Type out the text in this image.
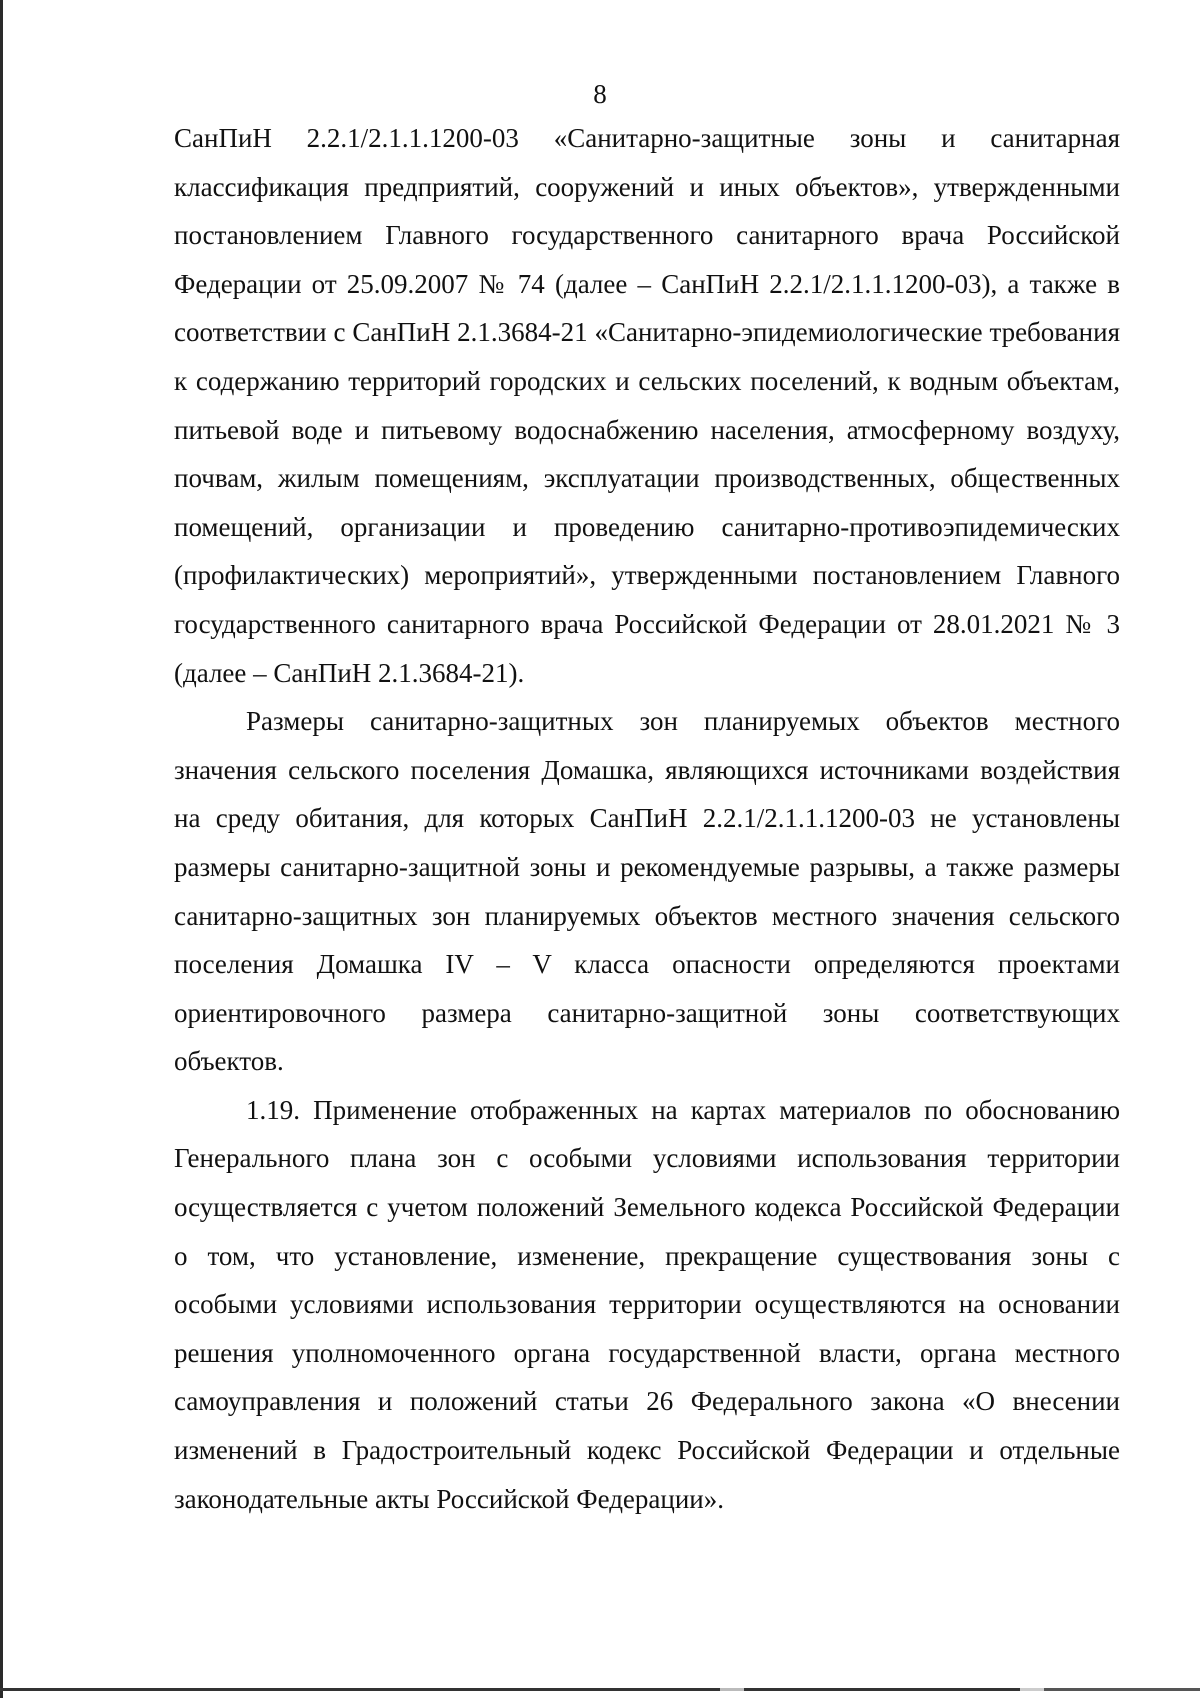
8

СанПиН 2.2.1/2.1.1.1200-03 «Санитарно-защитные зоны и санитарная классификация предприятий, сооружений и иных объектов», утвержденными постановлением Главного государственного санитарного врача Российской Федерации от 25.09.2007 № 74 (далее – СанПиН 2.2.1/2.1.1.1200-03), а также в соответствии с СанПиН 2.1.3684-21 «Санитарно-эпидемиологические требования к содержанию территорий городских и сельских поселений, к водным объектам, питьевой воде и питьевому водоснабжению населения, атмосферному воздуху, почвам, жилым помещениям, эксплуатации производственных, общественных помещений, организации и проведению санитарно-противоэпидемических (профилактических) мероприятий», утвержденными постановлением Главного государственного санитарного врача Российской Федерации от 28.01.2021 № 3 (далее – СанПиН 2.1.3684-21).

Размеры санитарно-защитных зон планируемых объектов местного значения сельского поселения Домашка, являющихся источниками воздействия на среду обитания, для которых СанПиН 2.2.1/2.1.1.1200-03 не установлены размеры санитарно-защитной зоны и рекомендуемые разрывы, а также размеры санитарно-защитных зон планируемых объектов местного значения сельского поселения Домашка IV – V класса опасности определяются проектами ориентировочного размера санитарно-защитной зоны соответствующих объектов.

1.19. Применение отображенных на картах материалов по обоснованию Генерального плана зон с особыми условиями использования территории осуществляется с учетом положений Земельного кодекса Российской Федерации о том, что установление, изменение, прекращение существования зоны с особыми условиями использования территории осуществляются на основании решения уполномоченного органа государственной власти, органа местного самоуправления и положений статьи 26 Федерального закона «О внесении изменений в Градостроительный кодекс Российской Федерации и отдельные законодательные акты Российской Федерации».
